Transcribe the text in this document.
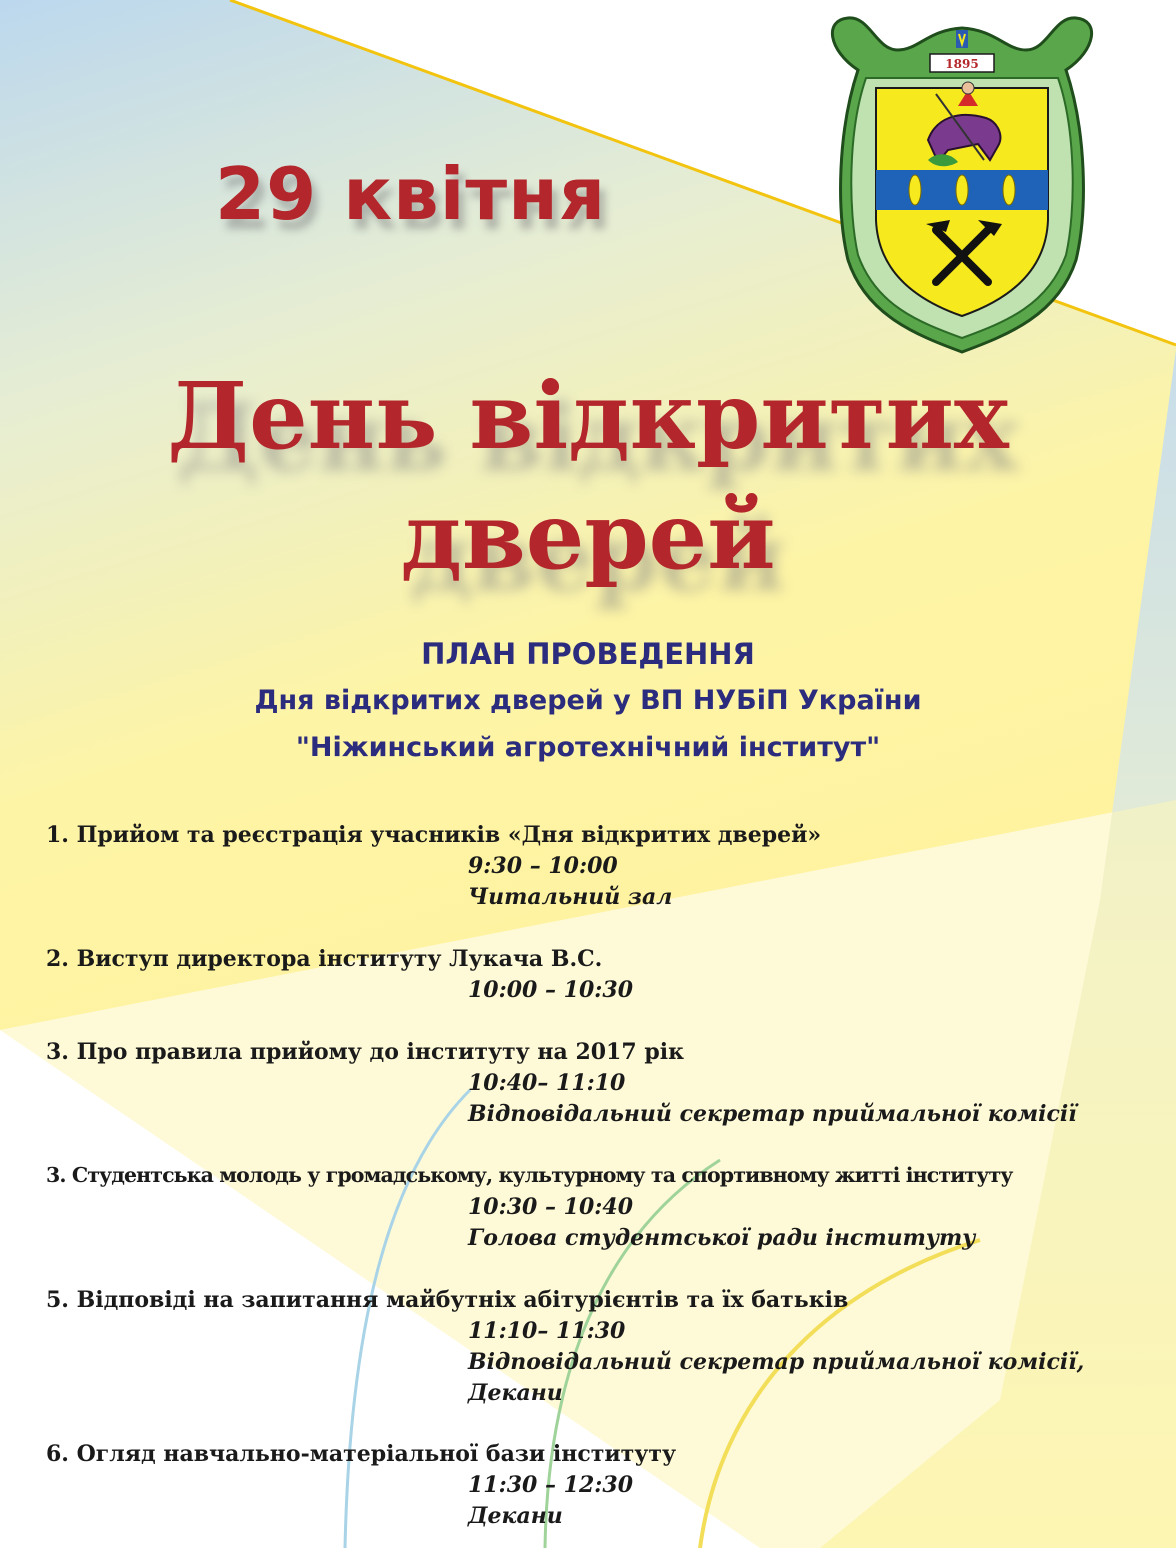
1895
29 квітня
День відкритих
дверей
ПЛАН ПРОВЕДЕННЯ
Дня відкритих дверей у ВП НУБіП України
"Ніжинський агротехнічний інститут"
1. Прийом та реєстрація учасників «Дня відкритих дверей»
9:30 – 10:00
Читальний зал
2. Виступ директора інституту Лукача В.С.
10:00 – 10:30
3. Про правила прийому до інституту на 2017 рік
10:40– 11:10
Відповідальний секретар приймальної комісії
3. Студентська молодь у громадському, культурному та спортивному житті інституту
10:30 – 10:40
Голова студентської ради інституту
5. Відповіді на запитання майбутніх абітурієнтів та їх батьків
11:10– 11:30
Відповідальний секретар приймальної комісії,
Декани
6. Огляд навчально-матеріальної бази інституту
11:30 – 12:30
Декани
